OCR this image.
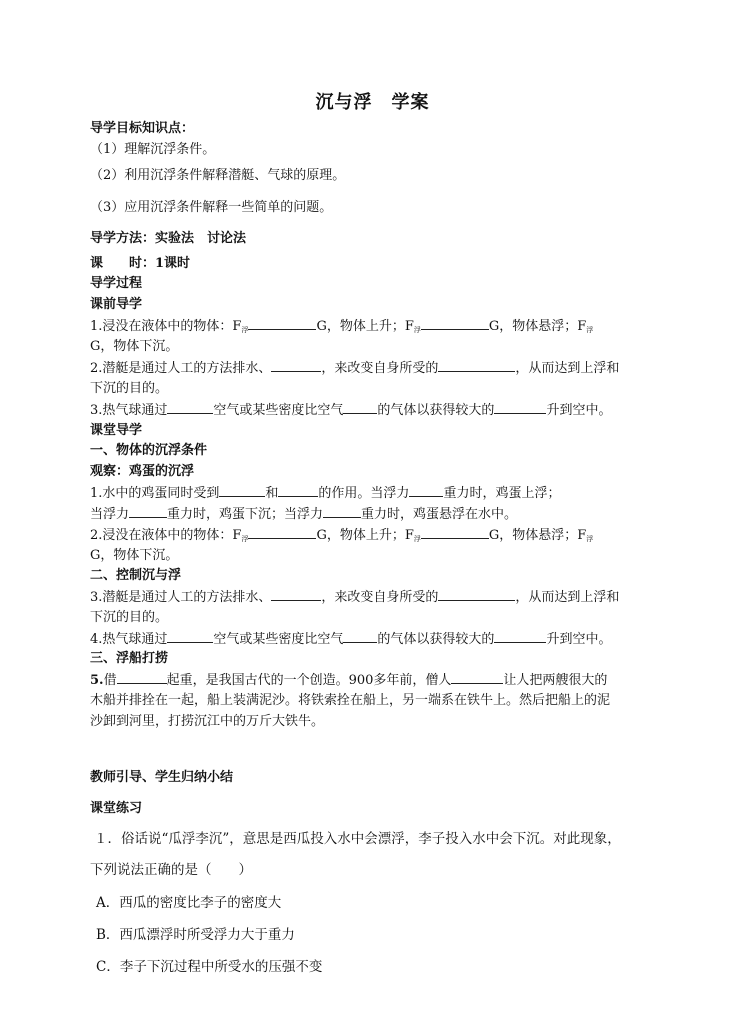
沉与浮　学案
导学目标知识点：
（1）理解沉浮条件。
（2）利用沉浮条件解释潜艇、气球的原理。
（3）应用沉浮条件解释一些简单的问题。
导学方法：实验法　讨论法
课　　时：1课时
导学过程
课前导学
1.浸没在液体中的物体：$F_浮$	G，物体上升；$F_浮$	G，物体悬浮；$F_浮$
G，物体下沉。
2.潜艇是通过人工的方法排水、	，来改变自身所受的	，从而达到上浮和
下沉的目的。
3.热气球通过	空气或某些密度比空气	的气体以获得较大的	升到空中。
课堂导学
一、物体的沉浮条件
观察：鸡蛋的沉浮
1.水中的鸡蛋同时受到	和	的作用。当浮力	重力时，鸡蛋上浮；
当浮力	重力时，鸡蛋下沉；当浮力	重力时，鸡蛋悬浮在水中。
2.浸没在液体中的物体：$F_浮$	G，物体上升；$F_浮$	G，物体悬浮；$F_浮$
G，物体下沉。
二、控制沉与浮
3.潜艇是通过人工的方法排水、	，来改变自身所受的	，从而达到上浮和
下沉的目的。
4.热气球通过	空气或某些密度比空气	的气体以获得较大的	升到空中。
三、浮船打捞
5.借	起重，是我国古代的一个创造。900多年前，僧人	让人把两艘很大的
木船并排拴在一起，船上装满泥沙。将铁索拴在船上，另一端系在铁牛上。然后把船上的泥
沙卸到河里，打捞沉江中的万斤大铁牛。
教师引导、学生归纳小结
课堂练习
１．俗话说“瓜浮李沉”，意思是西瓜投入水中会漂浮，李子投入水中会下沉。对此现象，
下列说法正确的是（　　）
A．西瓜的密度比李子的密度大
B．西瓜漂浮时所受浮力大于重力
C．李子下沉过程中所受水的压强不变
